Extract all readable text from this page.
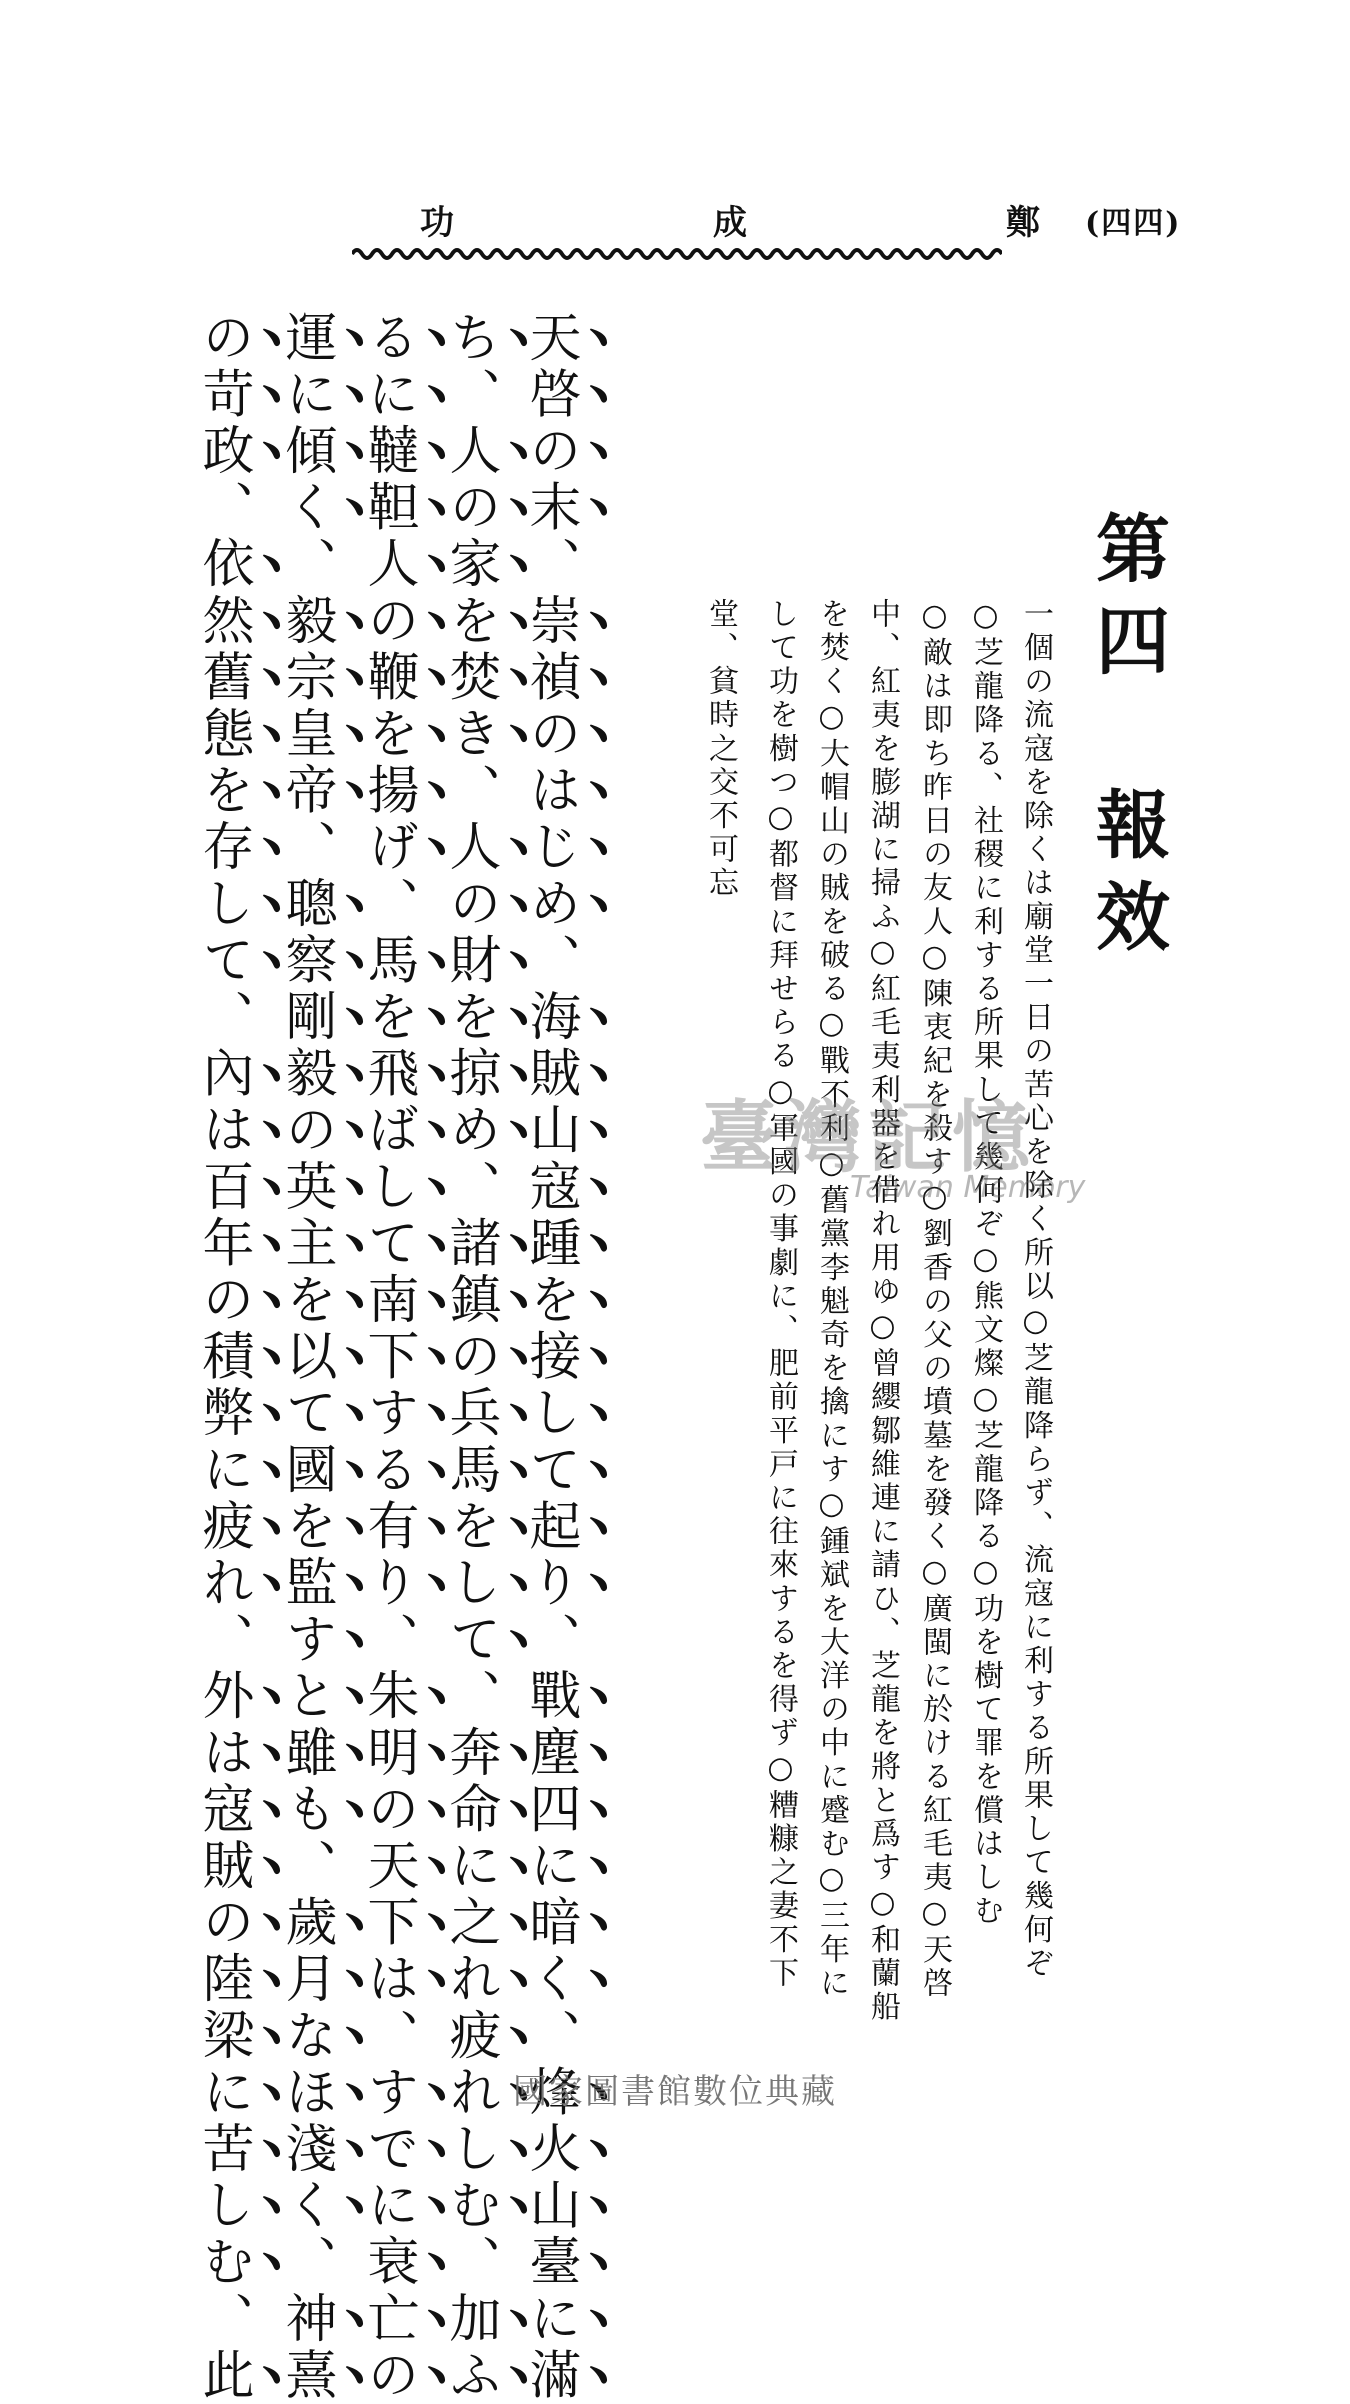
(四四)
功	成	鄭
第四　報效
一個の流寇を除くは廟堂一日の苦心を除く所以○芝龍降らず、流寇に利する所果して幾何ぞ
○芝龍降る、社稷に利する所果して幾何ぞ○熊文燦○芝龍降る○功を樹て罪を償はしむ
○敵は即ち昨日の友人○陳衷紀を殺す○劉香の父の墳墓を發く○廣閩に於ける紅毛夷○天啓
中、紅夷を膨湖に掃ふ○紅毛夷利器を借れ用ゆ○曾纓鄒維連に請ひ、芝龍を將と爲す○和蘭船
を焚く○大帽山の賊を破る○戰不利○舊黨李魁奇を擒にす○鍾斌を大洋の中に蹙む○三年に
して功を樹つ○都督に拜せらる○軍國の事劇に、肥前平戸に往來するを得ず○糟糠之妻不下
堂、貧時之交不可忘
天啓の末、崇禎のはじめ、海賊山寇踵を接して起り、戰塵四に暗く、烽火山臺に滿
ち、人の家を焚き、人の財を掠め、諸鎮の兵馬をして、奔命に之れ疲れしむ、加ふ
るに韃靼人の鞭を揚げ、馬を飛ばして南下する有り、朱明の天下は、すでに衰亡の
運に傾く、毅宗皇帝、聰察剛毅の英主を以て國を監すと雖も、歲月なほ淺く、神熹
の苛政、依然舊態を存して、內は百年の積弊に疲れ、外は寇賊の陸梁に苦しむ、此	臺灣記憶
Taiwan Memory
國家圖書館數位典藏
